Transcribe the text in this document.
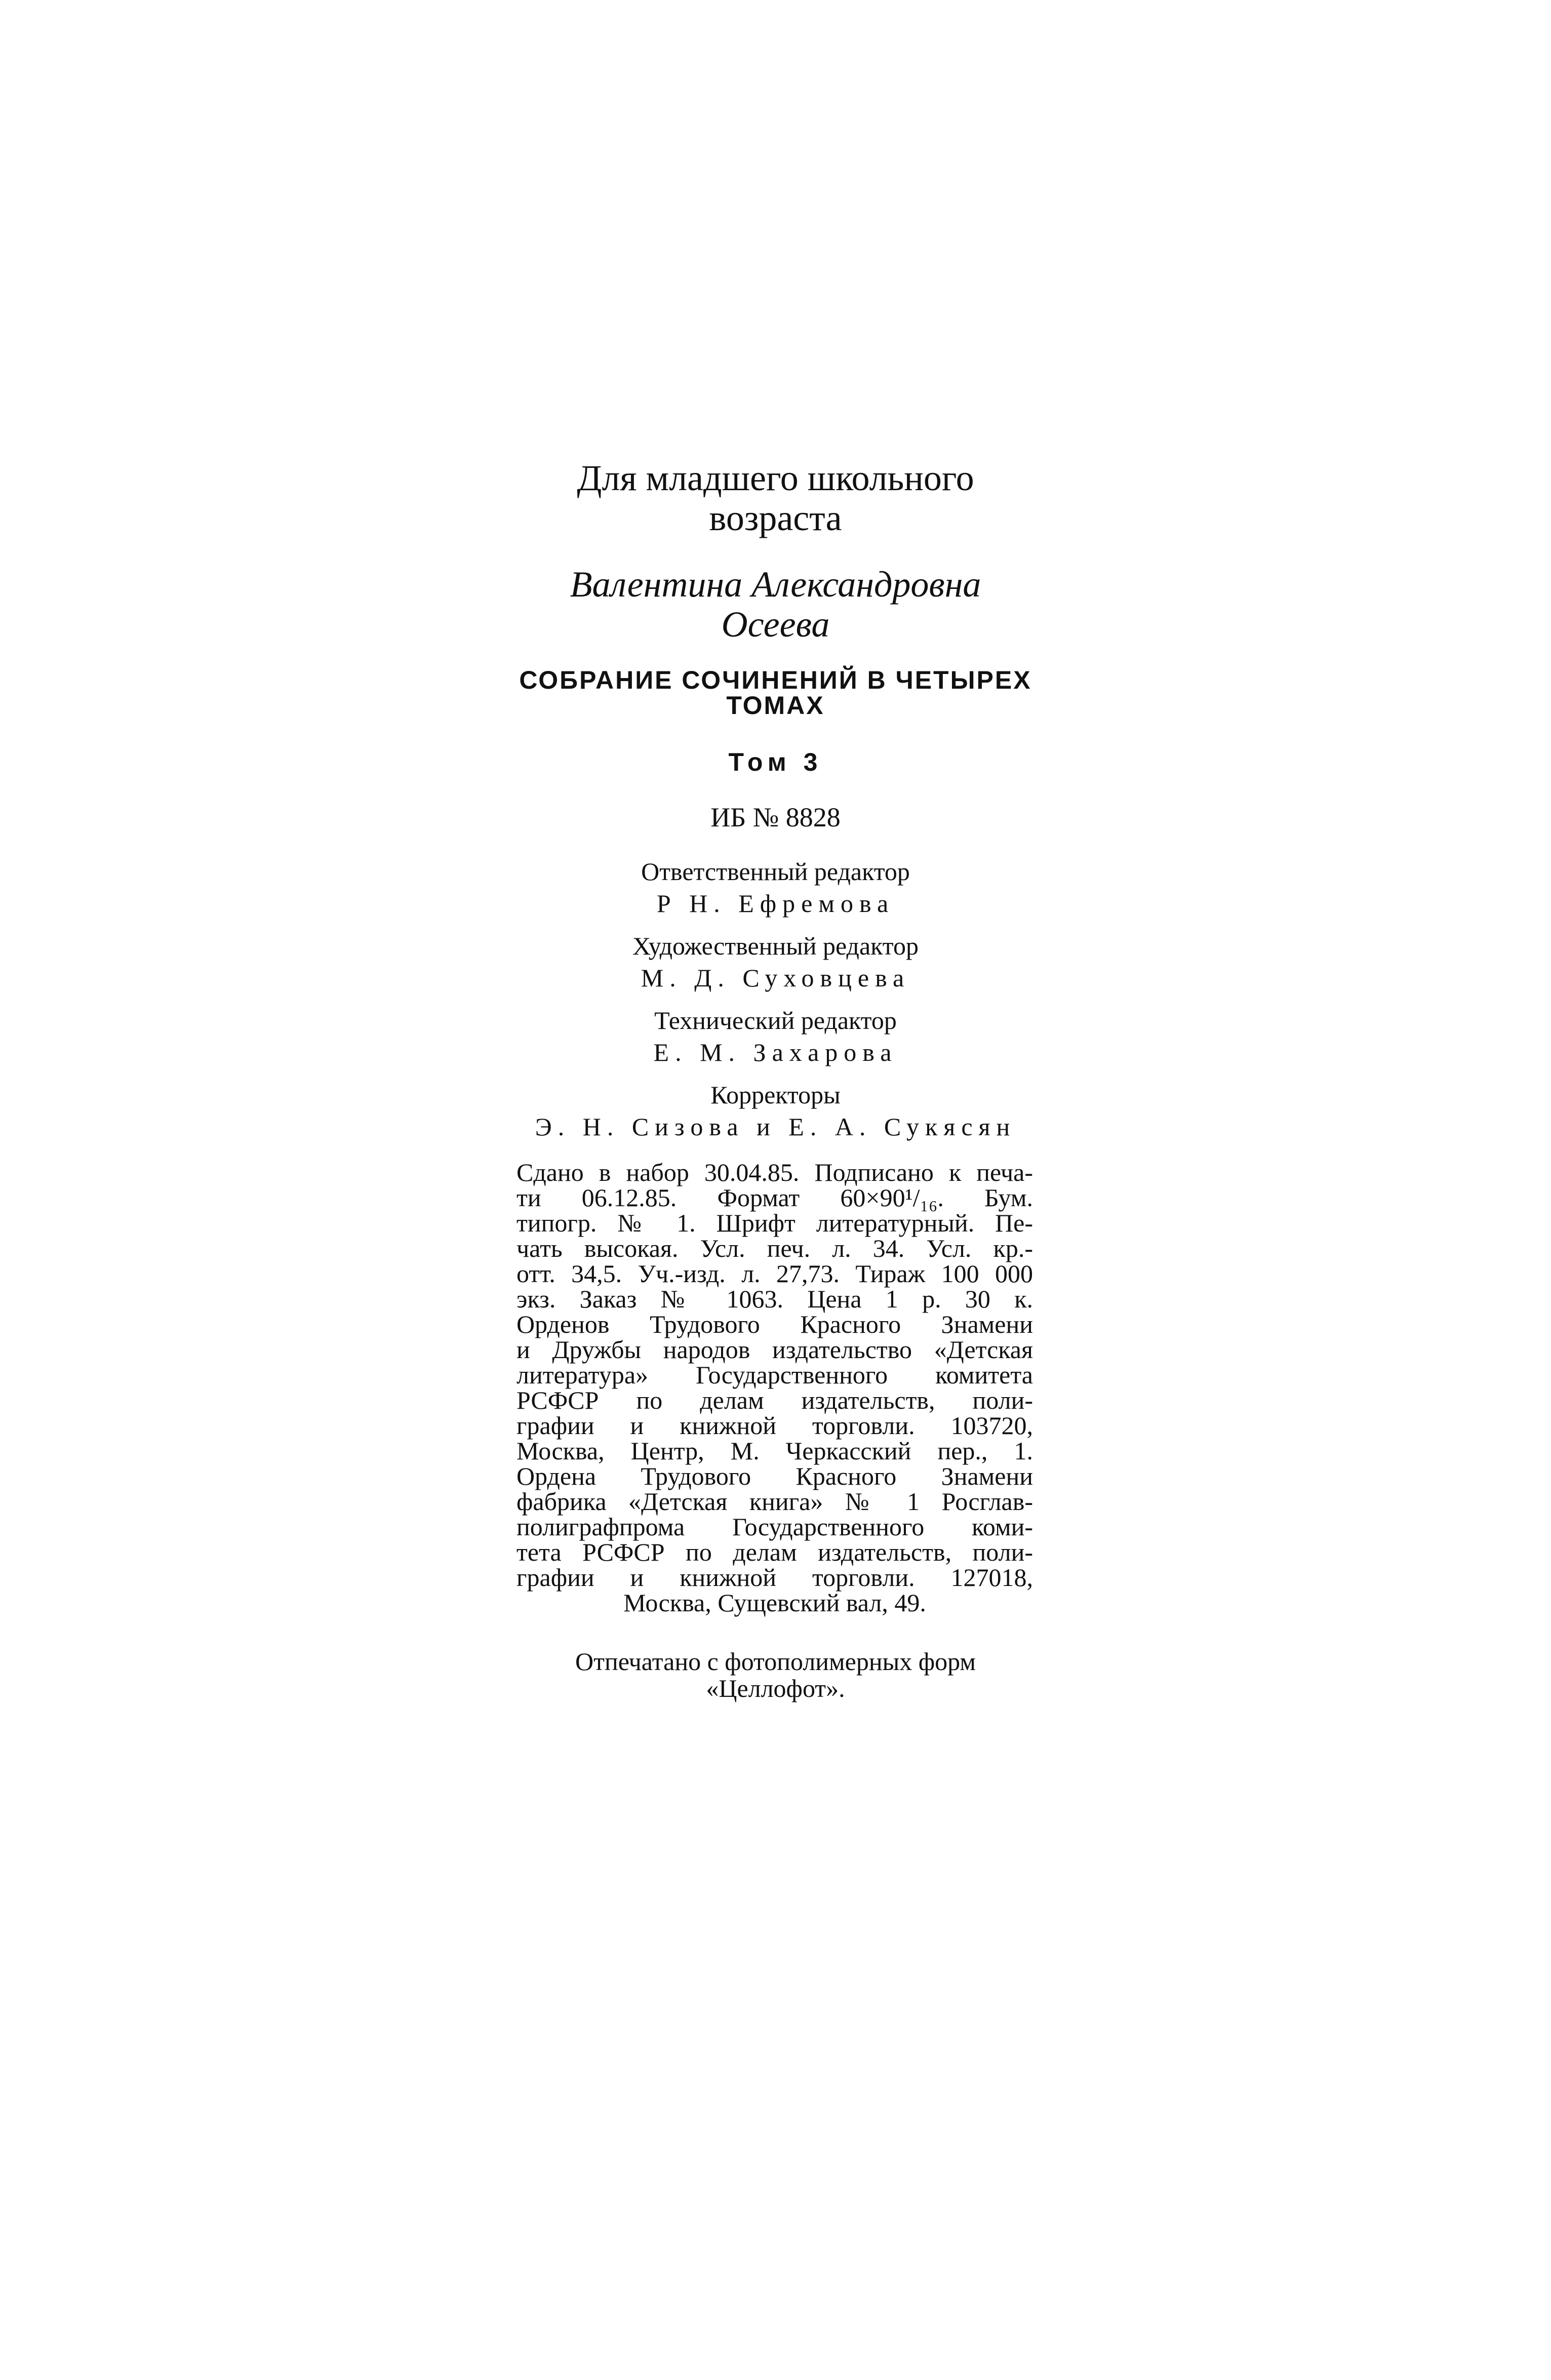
Для младшего школьного
возраста
Валентина Александровна
Осеева
СОБРАНИЕ СОЧИНЕНИЙ В ЧЕТЫРЕХ
ТОМАХ
Том 3
ИБ № 8828
Ответственный редактор
Р Н. Ефремова
Художественный редактор
М. Д. Суховцева
Технический редактор
Е. М. Захарова
Корректоры
Э. Н. Сизова и Е. А. Сукясян
Сдано в набор 30.04.85. Подписано к печа-
ти 06.12.85. Формат 60×90¹/₁₆. Бум.
типогр. № 1. Шрифт литературный. Пе-
чать высокая. Усл. печ. л. 34. Усл. кр.-
отт. 34,5. Уч.-изд. л. 27,73. Тираж 100 000
экз. Заказ № 1063. Цена 1 р. 30 к.
Орденов Трудового Красного Знамени
и Дружбы народов издательство «Детская
литература» Государственного комитета
РСФСР по делам издательств, поли-
графии и книжной торговли. 103720,
Москва, Центр, М. Черкасский пер., 1.
Ордена Трудового Красного Знамени
фабрика «Детская книга» № 1 Росглав-
полиграфпрома Государственного коми-
тета РСФСР по делам издательств, поли-
графии и книжной торговли. 127018,
Москва, Сущевский вал, 49.
Отпечатано с фотополимерных форм
«Целлофот».
